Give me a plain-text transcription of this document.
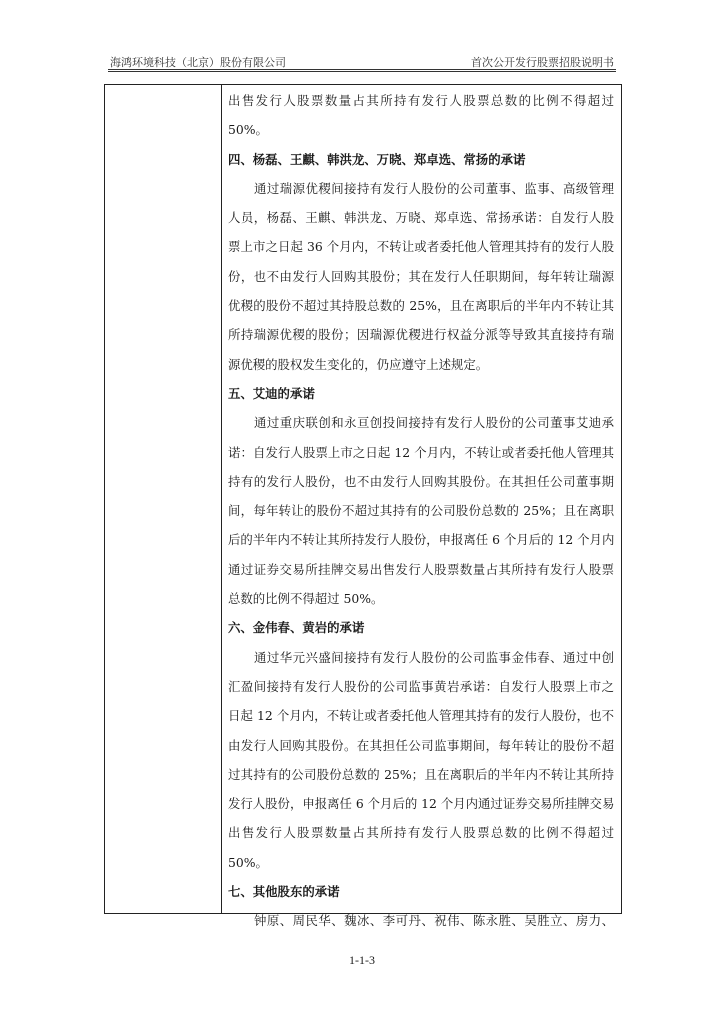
海鸿环境科技（北京）股份有限公司	首次公开发行股票招股说明书
出售发行人股票数量占其所持有发行人股票总数的比例不得超过
50%。
四、杨磊、王麒、韩洪龙、万晓、郑卓选、常扬的承诺
通过瑞源优稷间接持有发行人股份的公司董事、监事、高级管理
人员，杨磊、王麒、韩洪龙、万晓、郑卓选、常扬承诺：自发行人股
票上市之日起 36 个月内，不转让或者委托他人管理其持有的发行人股
份，也不由发行人回购其股份；其在发行人任职期间，每年转让瑞源
优稷的股份不超过其持股总数的 25%，且在离职后的半年内不转让其
所持瑞源优稷的股份；因瑞源优稷进行权益分派等导致其直接持有瑞
源优稷的股权发生变化的，仍应遵守上述规定。
五、艾迪的承诺
通过重庆联创和永亘创投间接持有发行人股份的公司董事艾迪承
诺：自发行人股票上市之日起 12 个月内，不转让或者委托他人管理其
持有的发行人股份，也不由发行人回购其股份。在其担任公司董事期
间，每年转让的股份不超过其持有的公司股份总数的 25%；且在离职
后的半年内不转让其所持发行人股份，申报离任 6 个月后的 12 个月内
通过证券交易所挂牌交易出售发行人股票数量占其所持有发行人股票
总数的比例不得超过 50%。
六、金伟春、黄岩的承诺
通过华元兴盛间接持有发行人股份的公司监事金伟春、通过中创
汇盈间接持有发行人股份的公司监事黄岩承诺：自发行人股票上市之
日起 12 个月内，不转让或者委托他人管理其持有的发行人股份，也不
由发行人回购其股份。在其担任公司监事期间，每年转让的股份不超
过其持有的公司股份总数的 25%；且在离职后的半年内不转让其所持
发行人股份，申报离任 6 个月后的 12 个月内通过证券交易所挂牌交易
出售发行人股票数量占其所持有发行人股票总数的比例不得超过
50%。
七、其他股东的承诺
钟原、周民华、魏冰、李可丹、祝伟、陈永胜、吴胜立、房力、
1-1-3
